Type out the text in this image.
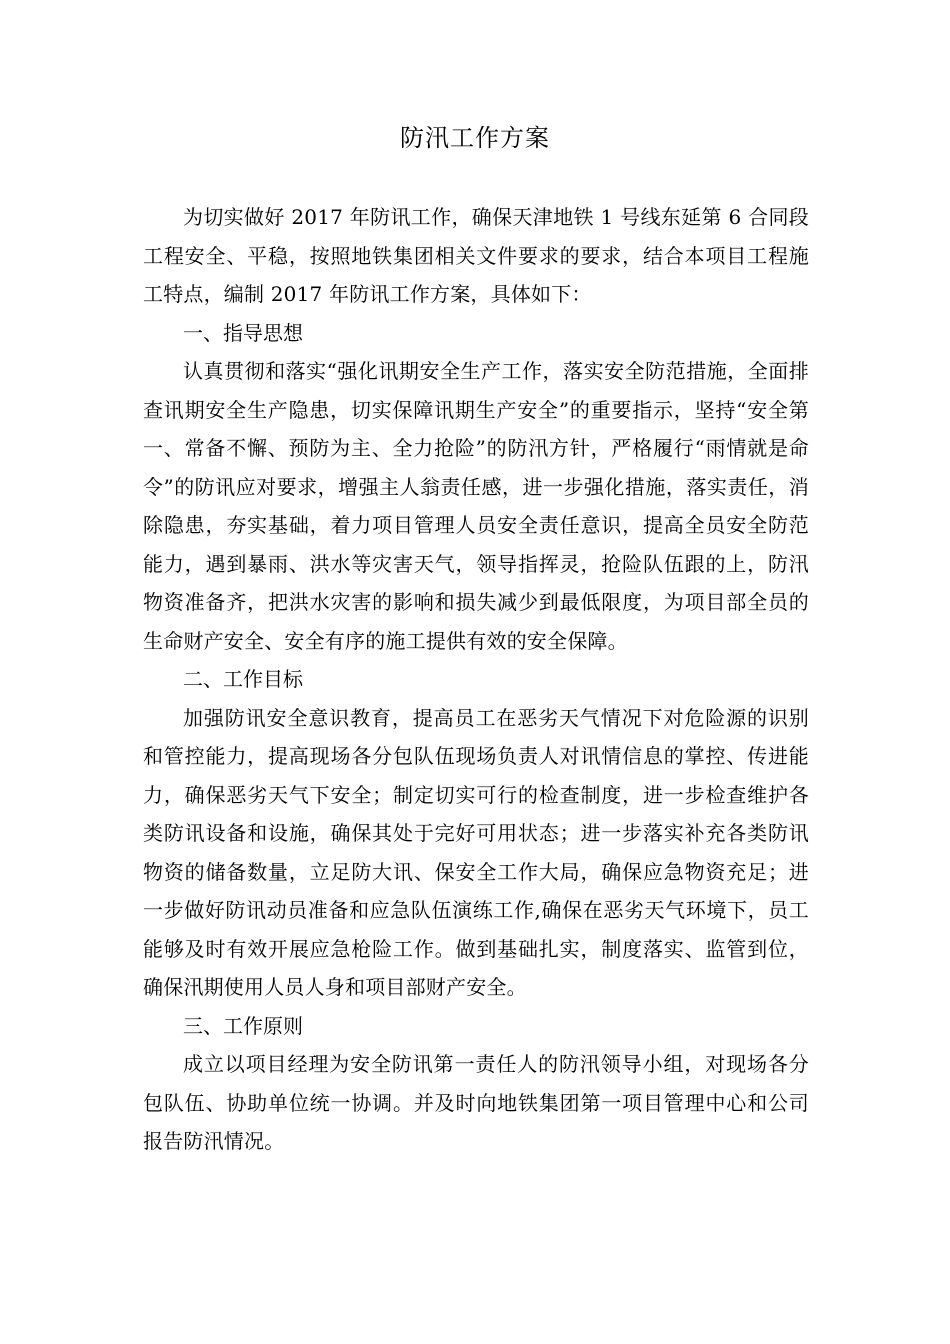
防汛工作方案

为切实做好 2017 年防讯工作，确保天津地铁 1 号线东延第 6 合同段工程安全、平稳，按照地铁集团相关文件要求的要求，结合本项目工程施工特点，编制 2017 年防讯工作方案，具体如下：

一、指导思想

认真贯彻和落实“强化讯期安全生产工作，落实安全防范措施，全面排查讯期安全生产隐患，切实保障讯期生产安全”的重要指示，坚持“安全第一、常备不懈、预防为主、全力抢险”的防汛方针，严格履行“雨情就是命令”的防讯应对要求，增强主人翁责任感，进一步强化措施，落实责任，消除隐患，夯实基础，着力项目管理人员安全责任意识，提高全员安全防范能力，遇到暴雨、洪水等灾害天气，领导指挥灵，抢险队伍跟的上，防汛物资准备齐，把洪水灾害的影响和损失减少到最低限度，为项目部全员的生命财产安全、安全有序的施工提供有效的安全保障。

二、工作目标

加强防讯安全意识教育，提高员工在恶劣天气情况下对危险源的识别和管控能力，提高现场各分包队伍现场负责人对讯情信息的掌控、传进能力，确保恶劣天气下安全；制定切实可行的检查制度，进一步检查维护各类防讯设备和设施，确保其处于完好可用状态；进一步落实补充各类防讯物资的储备数量，立足防大讯、保安全工作大局，确保应急物资充足；进一步做好防讯动员准备和应急队伍演练工作,确保在恶劣天气环境下，员工能够及时有效开展应急枪险工作。做到基础扎实，制度落实、监管到位，确保汛期使用人员人身和项目部财产安全。

三、工作原则

成立以项目经理为安全防讯第一责任人的防汛领导小组，对现场各分包队伍、协助单位统一协调。并及时向地铁集团第一项目管理中心和公司报告防汛情况。
